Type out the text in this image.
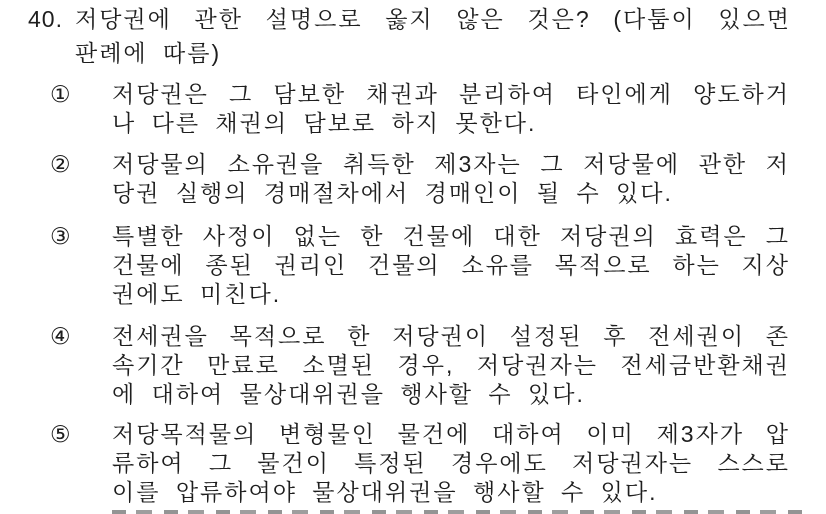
40. 저당권에 관한 설명으로 옳지 않은 것은? (다툼이 있으면
판례에 따름)
① 저당권은 그 담보한 채권과 분리하여 타인에게 양도하거
나 다른 채권의 담보로 하지 못한다.
② 저당물의 소유권을 취득한 제3자는 그 저당물에 관한 저
당권 실행의 경매절차에서 경매인이 될 수 있다.
③ 특별한 사정이 없는 한 건물에 대한 저당권의 효력은 그
건물에 종된 권리인 건물의 소유를 목적으로 하는 지상
권에도 미친다.
④ 전세권을 목적으로 한 저당권이 설정된 후 전세권이 존
속기간 만료로 소멸된 경우, 저당권자는 전세금반환채권
에 대하여 물상대위권을 행사할 수 있다.
⑤ 저당목적물의 변형물인 물건에 대하여 이미 제3자가 압
류하여 그 물건이 특정된 경우에도 저당권자는 스스로
이를 압류하여야 물상대위권을 행사할 수 있다.
